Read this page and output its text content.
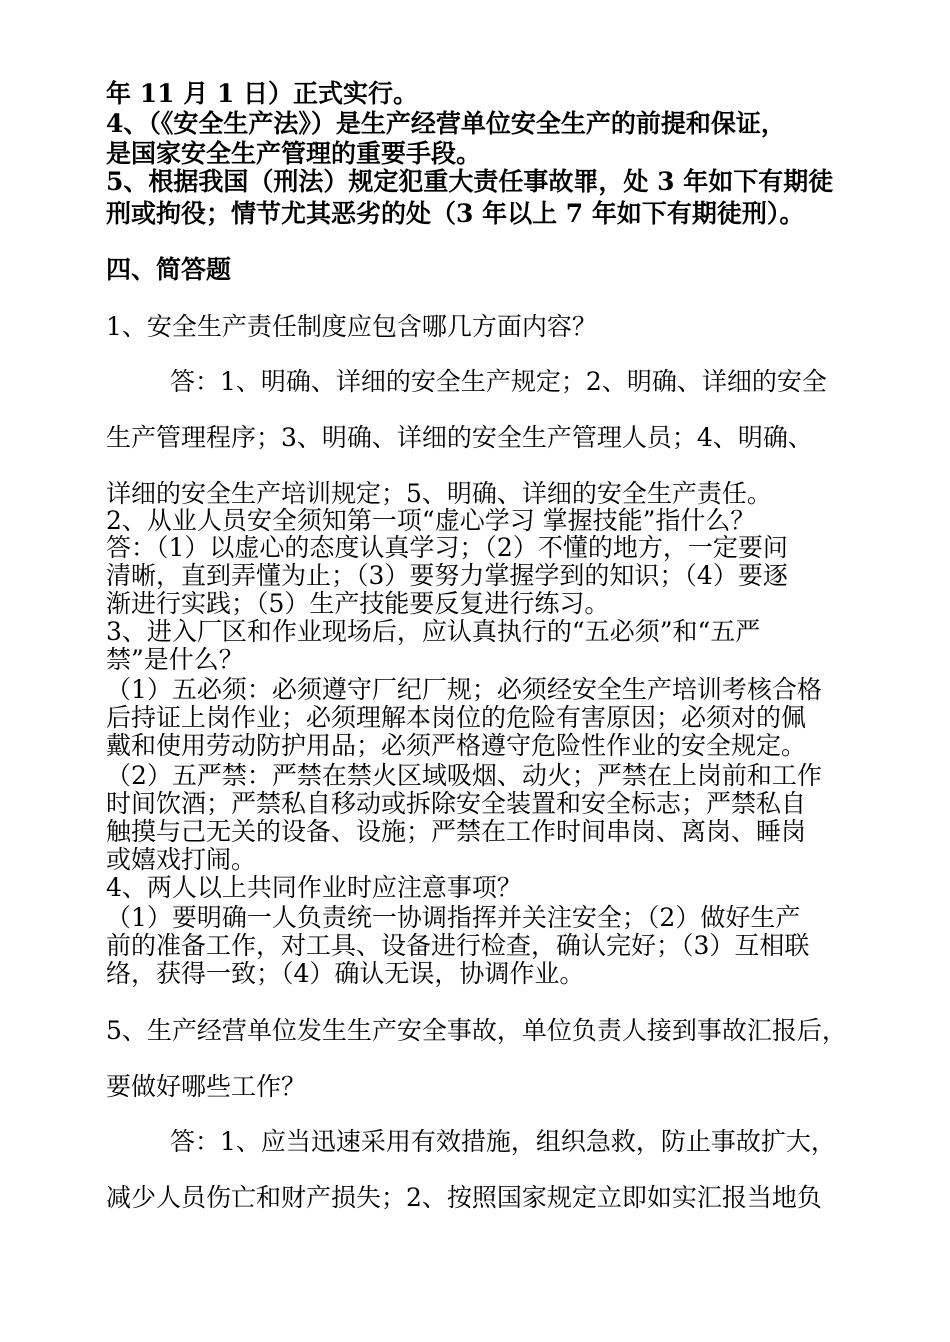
年 11 月 1 日）正式实行。
4、（《安全生产法》）是生产经营单位安全生产的前提和保证，
是国家安全生产管理的重要手段。
5、根据我国（刑法）规定犯重大责任事故罪，处 3 年如下有期徒
刑或拘役；情节尤其恶劣的处（3 年以上 7 年如下有期徒刑）。
四、简答题
1、安全生产责任制度应包含哪几方面内容？
答：1、明确、详细的安全生产规定；2、明确、详细的安全
生产管理程序；3、明确、详细的安全生产管理人员；4、明确、
详细的安全生产培训规定；5、明确、详细的安全生产责任。
2、从业人员安全须知第一项“虚心学习 掌握技能”指什么？
答：（1）以虚心的态度认真学习；（2）不懂的地方，一定要问
清晰，直到弄懂为止；（3）要努力掌握学到的知识；（4）要逐
渐进行实践；（5）生产技能要反复进行练习。
3、进入厂区和作业现场后，应认真执行的“五必须”和“五严
禁”是什么？
（1）五必须：必须遵守厂纪厂规；必须经安全生产培训考核合格
后持证上岗作业；必须理解本岗位的危险有害原因；必须对的佩
戴和使用劳动防护用品；必须严格遵守危险性作业的安全规定。
（2）五严禁：严禁在禁火区域吸烟、动火；严禁在上岗前和工作
时间饮酒；严禁私自移动或拆除安全装置和安全标志；严禁私自
触摸与己无关的设备、设施；严禁在工作时间串岗、离岗、睡岗
或嬉戏打闹。
4、两人以上共同作业时应注意事项？
（1）要明确一人负责统一协调指挥并关注安全；（2）做好生产
前的准备工作，对工具、设备进行检查，确认完好；（3）互相联
络，获得一致；（4）确认无误，协调作业。
5、生产经营单位发生生产安全事故，单位负责人接到事故汇报后，
要做好哪些工作？
答：1、应当迅速采用有效措施，组织急救，防止事故扩大，
减少人员伤亡和财产损失；2、按照国家规定立即如实汇报当地负
